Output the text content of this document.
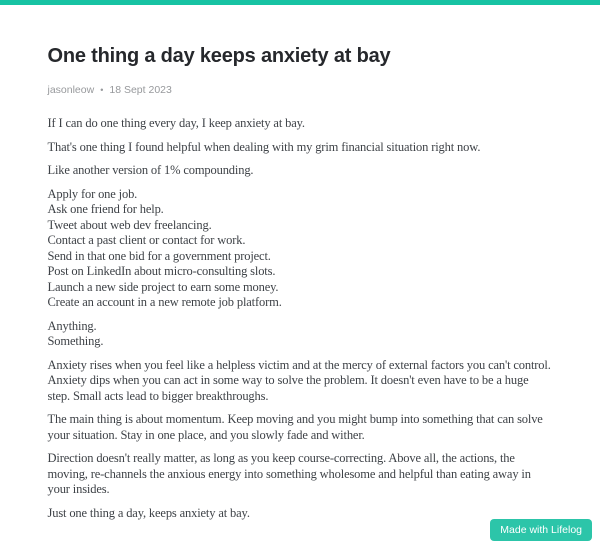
One thing a day keeps anxiety at bay
jasonleow • 18 Sept 2023

If I can do one thing every day, I keep anxiety at bay.

That's one thing I found helpful when dealing with my grim financial situation right now.

Like another version of 1% compounding.

Apply for one job.
Ask one friend for help.
Tweet about web dev freelancing.
Contact a past client or contact for work.
Send in that one bid for a government project.
Post on LinkedIn about micro-consulting slots.
Launch a new side project to earn some money.
Create an account in a new remote job platform.

Anything.
Something.

Anxiety rises when you feel like a helpless victim and at the mercy of external factors you can't control. Anxiety dips when you can act in some way to solve the problem. It doesn't even have to be a huge step. Small acts lead to bigger breakthroughs.

The main thing is about momentum. Keep moving and you might bump into something that can solve your situation. Stay in one place, and you slowly fade and wither.

Direction doesn't really matter, as long as you keep course-correcting. Above all, the actions, the moving, re-channels the anxious energy into something wholesome and helpful than eating away in your insides.

Just one thing a day, keeps anxiety at bay.

Made with Lifelog
